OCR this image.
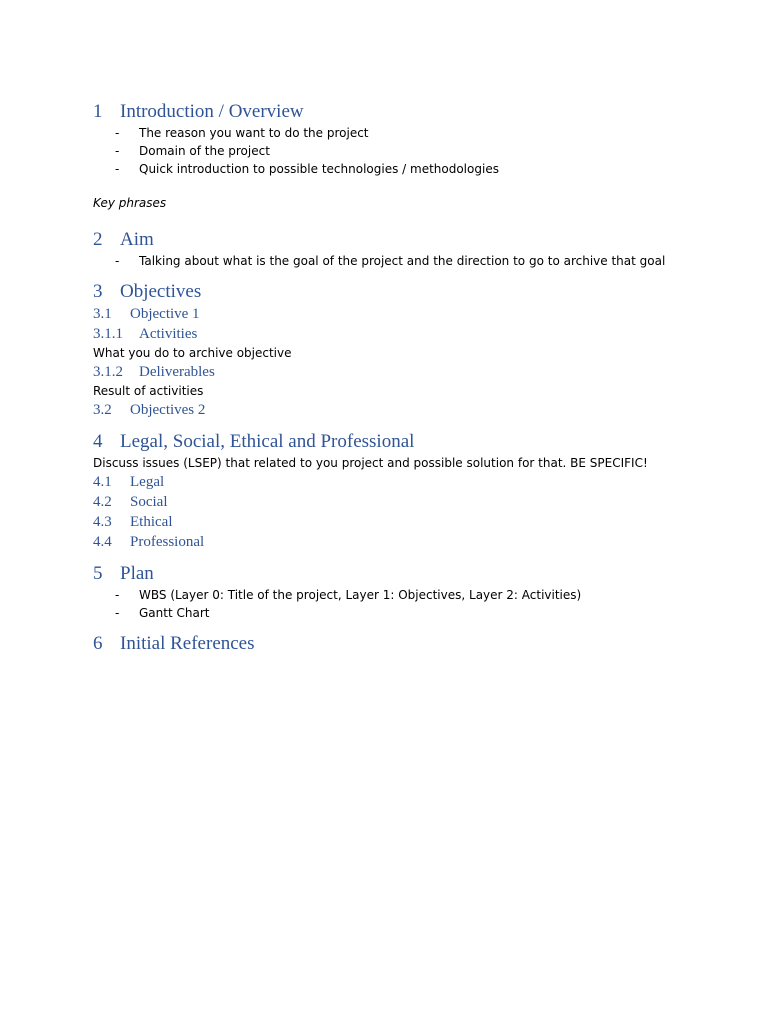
1 Introduction / Overview
- The reason you want to do the project
- Domain of the project
- Quick introduction to possible technologies / methodologies

Key phrases

2 Aim
- Talking about what is the goal of the project and the direction to go to archive that goal
3 Objectives
3.1 Objective 1
3.1.1 Activities

What you do to archive objective

3.1.2 Deliverables

Result of activities

3.2 Objectives 2
4 Legal, Social, Ethical and Professional

Discuss issues (LSEP) that related to you project and possible solution for that. BE SPECIFIC!

4.1 Legal
4.2 Social
4.3 Ethical
4.4 Professional
5 Plan
- WBS (Layer 0: Title of the project, Layer 1: Objectives, Layer 2: Activities)
- Gantt Chart
6 Initial References
